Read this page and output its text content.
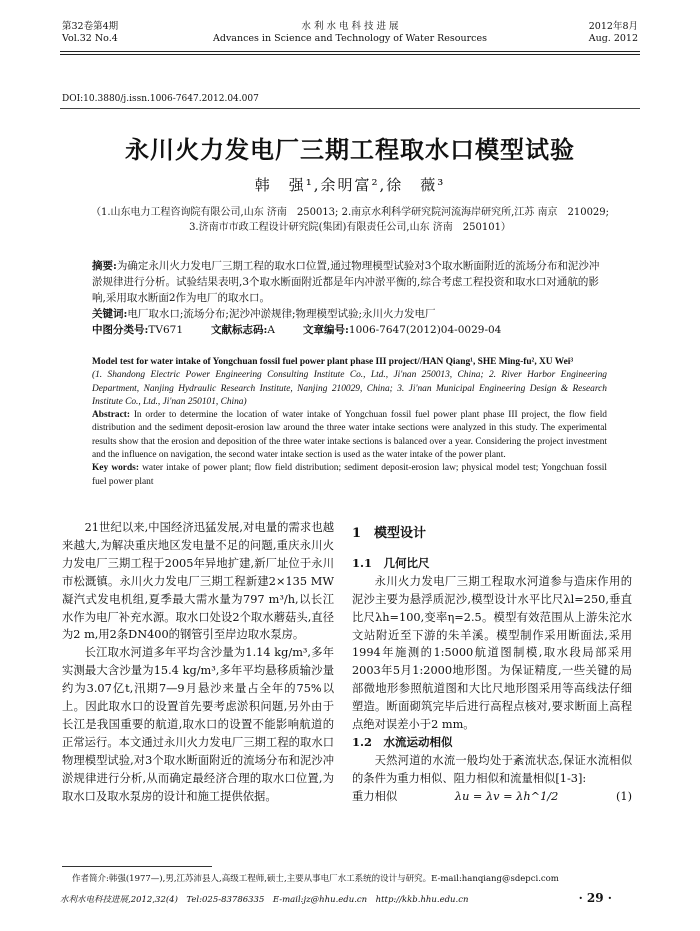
第32卷第4期
Vol.32 No.4
水 利 水 电 科 技 进 展
Advances in Science and Technology of Water Resources
2012年8月
Aug. 2012
DOI:10.3880/j.issn.1006-7647.2012.04.007
永川火力发电厂三期工程取水口模型试验
韩　强¹,余明富²,徐　薇³
（1.山东电力工程咨询院有限公司,山东 济南　250013; 2.南京水利科学研究院河流海岸研究所,江苏 南京　210029;
3.济南市市政工程设计研究院(集团)有限责任公司,山东 济南　250101）
摘要:为确定永川火力发电厂三期工程的取水口位置,通过物理模型试验对3个取水断面附近的流场分布和泥沙冲淤规律进行分析。试验结果表明,3个取水断面附近都是年内冲淤平衡的,综合考虑工程投资和取水口对通航的影响,采用取水断面2作为电厂的取水口。
关键词:电厂取水口;流场分布;泥沙冲淤规律;物理模型试验;永川火力发电厂
中图分类号:TV671	文献标志码:A	文章编号:1006-7647(2012)04-0029-04

Model test for water intake of Yongchuan fossil fuel power plant phase III project//HAN Qiang¹, SHE Ming-fu², XU Wei³

(1. Shandong Electric Power Engineering Consulting Institute Co., Ltd., Ji'nan 250013, China; 2. River Harbor Engineering Department, Nanjing Hydraulic Research Institute, Nanjing 210029, China; 3. Ji'nan Municipal Engineering Design & Research Institute Co., Ltd., Ji'nan 250101, China)

Abstract: In order to determine the location of water intake of Yongchuan fossil fuel power plant phase III project, the flow field distribution and the sediment deposit-erosion law around the three water intake sections were analyzed in this study. The experimental results show that the erosion and deposition of the three water intake sections is balanced over a year. Considering the project investment and the influence on navigation, the second water intake section is used as the water intake of the power plant.

Key words: water intake of power plant; flow field distribution; sediment deposit-erosion law; physical model test; Yongchuan fossil fuel power plant

21世纪以来,中国经济迅猛发展,对电量的需求也越来越大,为解决重庆地区发电量不足的问题,重庆永川火力发电厂三期工程于2005年异地扩建,新厂址位于永川市松溉镇。永川火力发电厂三期工程新建2×135 MW凝汽式发电机组,夏季最大需水量为797 m³/h,以长江水作为电厂补充水源。取水口处设2个取水蘑菇头,直径为2 m,用2条DN400的钢管引至岸边取水泵房。

长江取水河道多年平均含沙量为1.14 kg/m³,多年实测最大含沙量为15.4 kg/m³,多年平均悬移质输沙量约为3.07亿t,汛期7—9月悬沙来量占全年的75%以上。因此取水口的设置首先要考虑淤积问题,另外由于长江是我国重要的航道,取水口的设置不能影响航道的正常运行。本文通过永川火力发电厂三期工程的取水口物理模型试验,对3个取水断面附近的流场分布和泥沙冲淤规律进行分析,从而确定最经济合理的取水口位置,为取水口及取水泵房的设计和施工提供依据。

1　模型设计

1.1　几何比尺

永川火力发电厂三期工程取水河道参与造床作用的泥沙主要为悬浮质泥沙,模型设计水平比尺λl=250,垂直比尺λh=100,变率η=2.5。模型有效范围从上游朱沱水文站附近至下游的朱羊溪。模型制作采用断面法,采用1994年施测的1:5000航道图制模,取水段局部采用2003年5月1:2000地形图。为保证精度,一些关键的局部微地形参照航道图和大比尺地形图采用等高线法仔细塑造。断面砌筑完毕后进行高程点核对,要求断面上高程点绝对误差小于2 mm。

1.2　水流运动相似

天然河道的水流一般均处于紊流状态,保证水流相似的条件为重力相似、阻力相似和流量相似[1-3]:

重力相似	λu = λv = λh^1/2	(1)

作者简介:韩强(1977—),男,江苏沛县人,高级工程师,硕士,主要从事电厂水工系统的设计与研究。E-mail:hanqiang@sdepci.com
水利水电科技进展,2012,32(4)　Tel:025-83786335　E-mail:jz@hhu.edu.cn　http://kkb.hhu.edu.cn	· 29 ·
